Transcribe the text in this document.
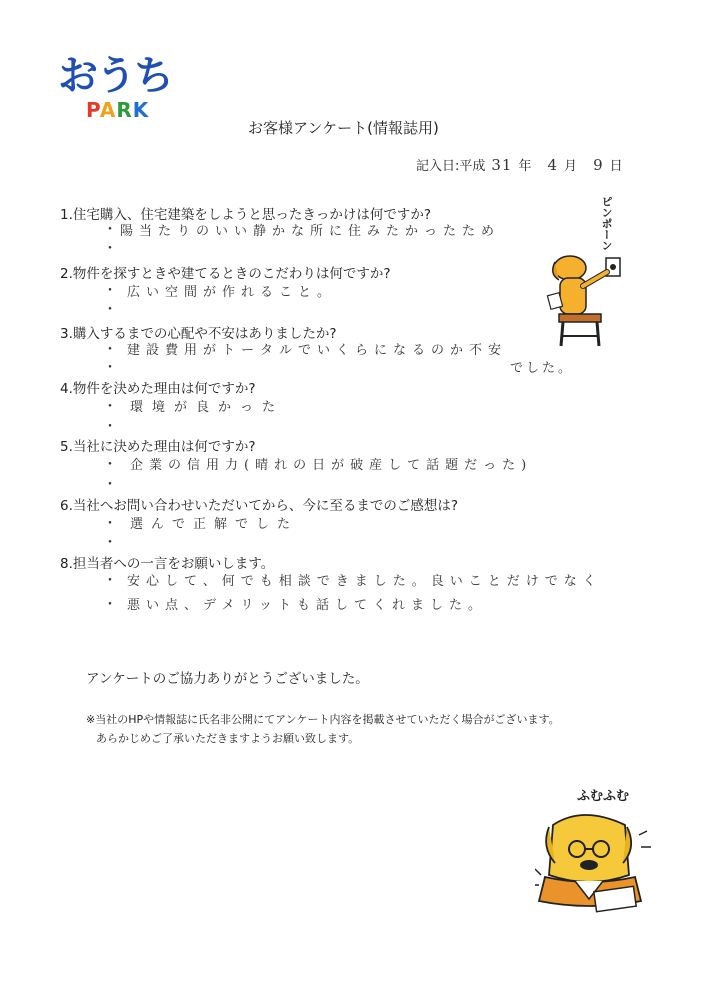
おうち
PARK
お客様アンケート(情報誌用)
記入日:平成 31 年 4 月 9 日
1.住宅購入、住宅建築をしようと思ったきっかけは何ですか?
・ 陽当たりのいい静かな所に住みたかったため
・
2.物件を探すときや建てるときのこだわりは何ですか?
・ 広い空間が作れること。
・
3.購入するまでの心配や不安はありましたか?
・ 建設費用がトータルでいくらになるのか不安
・	でした。
4.物件を決めた理由は何ですか?
・ 環境が良かった
・
5.当社に決めた理由は何ですか?
・ 企業の信用力(晴れの日が破産して話題だった)
・
6.当社へお問い合わせいただいてから、今に至るまでのご感想は?
・ 選んで正解でした
・
8.担当者への一言をお願いします。
・ 安心して、何でも相談できました。良いことだけでなく
・ 悪い点、デメリットも話してくれました。
アンケートのご協力ありがとうございました。
※当社のHPや情報誌に氏名非公開にてアンケート内容を掲載させていただく場合がございます。
あらかじめご了承いただきますようお願い致します。
ピンポーン
ふむふむ
